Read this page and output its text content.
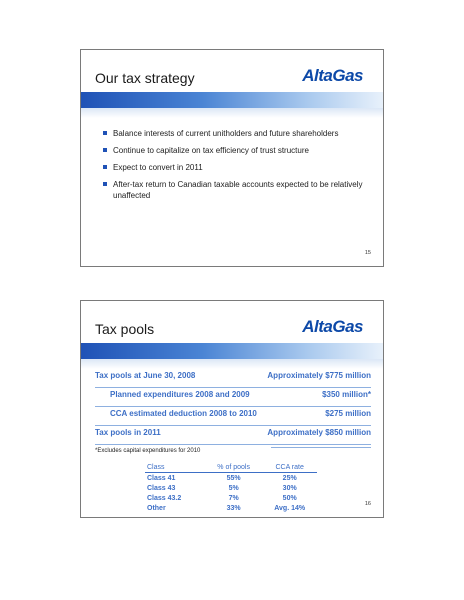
Our tax strategy	AltaGas
Balance interests of current unitholders and future shareholders
Continue to capitalize on tax efficiency of trust structure
Expect to convert in 2011
After-tax return to Canadian taxable accounts expected to be relatively unaffected
15
Tax pools	AltaGas
Tax pools at June 30, 2008	Approximately $775 million
Planned expenditures 2008 and 2009	$350 million*
CCA estimated deduction 2008 to 2010	$275 million
Tax pools in 2011	Approximately $850 million
*Excludes capital expenditures for 2010
Class	% of pools	CCA rate
Class 41	55%	25%
Class 43	5%	30%
Class 43.2	7%	50%
Other	33%	Avg. 14%
16
